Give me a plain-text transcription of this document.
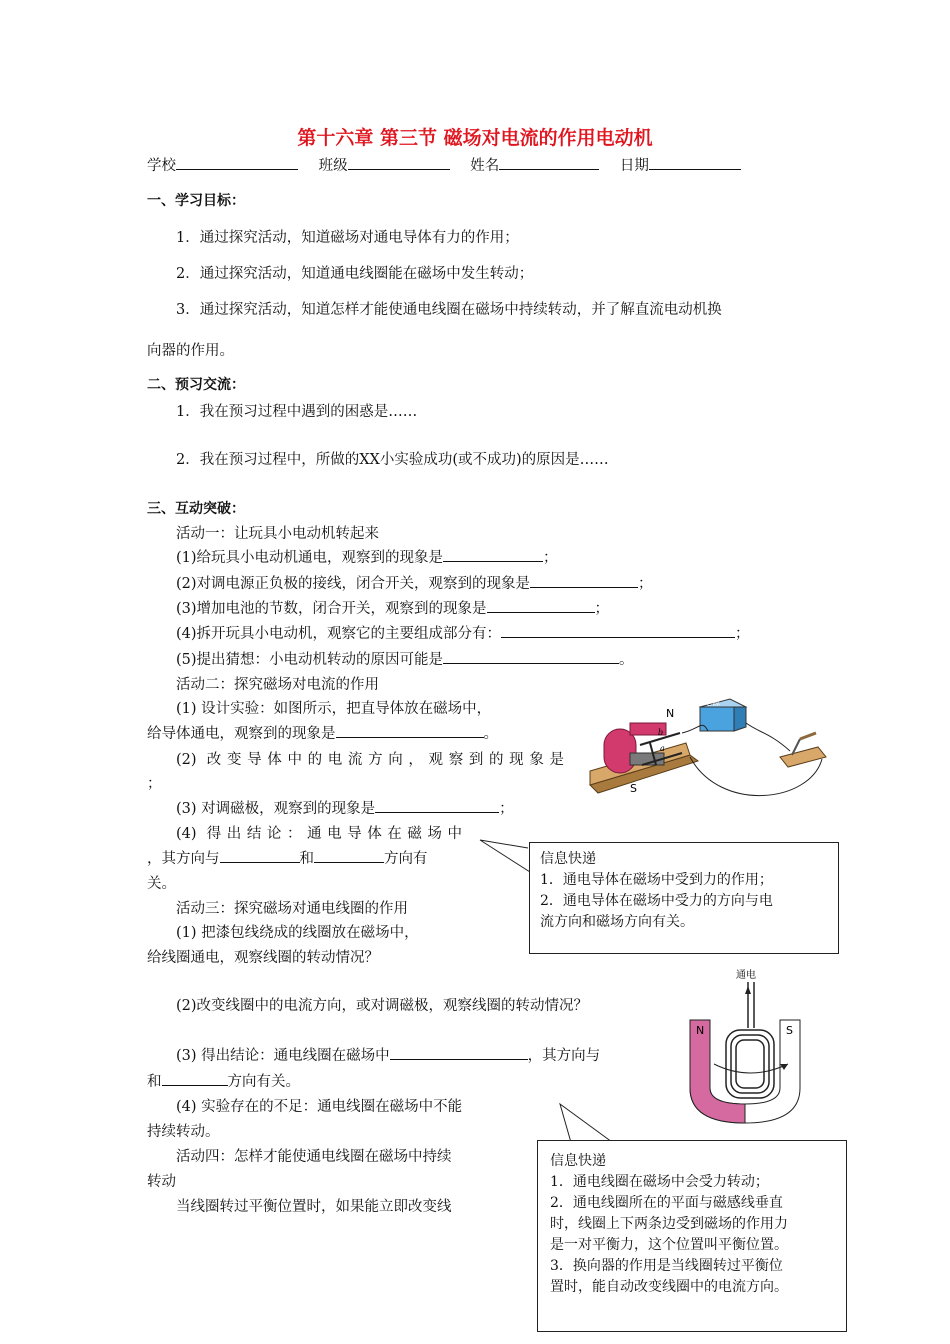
第十六章 第三节 磁场对电流的作用电动机
学校	班级	姓名	日期
一、学习目标：
1．通过探究活动，知道磁场对通电导体有力的作用；
2．通过探究活动，知道通电线圈能在磁场中发生转动；
3．通过探究活动，知道怎样才能使通电线圈在磁场中持续转动，并了解直流电动机换
向器的作用。
二、预习交流：
1．我在预习过程中遇到的困惑是……
2．我在预习过程中，所做的XX小实验成功(或不成功)的原因是……
三、互动突破：
活动一：让玩具小电动机转起来
(1)给玩具小电动机通电，观察到的现象是	；
(2)对调电源正负极的接线，闭合开关，观察到的现象是	；
(3)增加电池的节数，闭合开关，观察到的现象是	；
(4)拆开玩具小电动机，观察它的主要组成部分有：	；
(5)提出猜想：小电动机转动的原因可能是	。
活动二：探究磁场对电流的作用
(1) 设计实验：如图所示，把直导体放在磁场中，
给导体通电，观察到的现象是	。
(2) 改变导体中的电流方向，观察到的现象是
；
(3) 对调磁极，观察到的现象是	；
(4) 得出结论：通电导体在磁场中
，其方向与	和	方向有
关。
活动三：探究磁场对通电线圈的作用
(1) 把漆包线绕成的线圈放在磁场中，
给线圈通电，观察线圈的转动情况？
(2)改变线圈中的电流方向，或对调磁极，观察线圈的转动情况？
(3) 得出结论：通电线圈在磁场中	，其方向与
和	方向有关。
(4) 实验存在的不足：通电线圈在磁场中不能
持续转动。
活动四：怎样才能使通电线圈在磁场中持续
转动
当线圈转过平衡位置时，如果能立即改变线
N
S
a
b
电源
通电
N	S
信息快递
1．通电导体在磁场中受到力的作用；
2．通电导体在磁场中受力的方向与电
流方向和磁场方向有关。
信息快递
1．通电线圈在磁场中会受力转动；
2．通电线圈所在的平面与磁感线垂直
时，线圈上下两条边受到磁场的作用力
是一对平衡力，这个位置叫平衡位置。
3．换向器的作用是当线圈转过平衡位
置时，能自动改变线圈中的电流方向。
